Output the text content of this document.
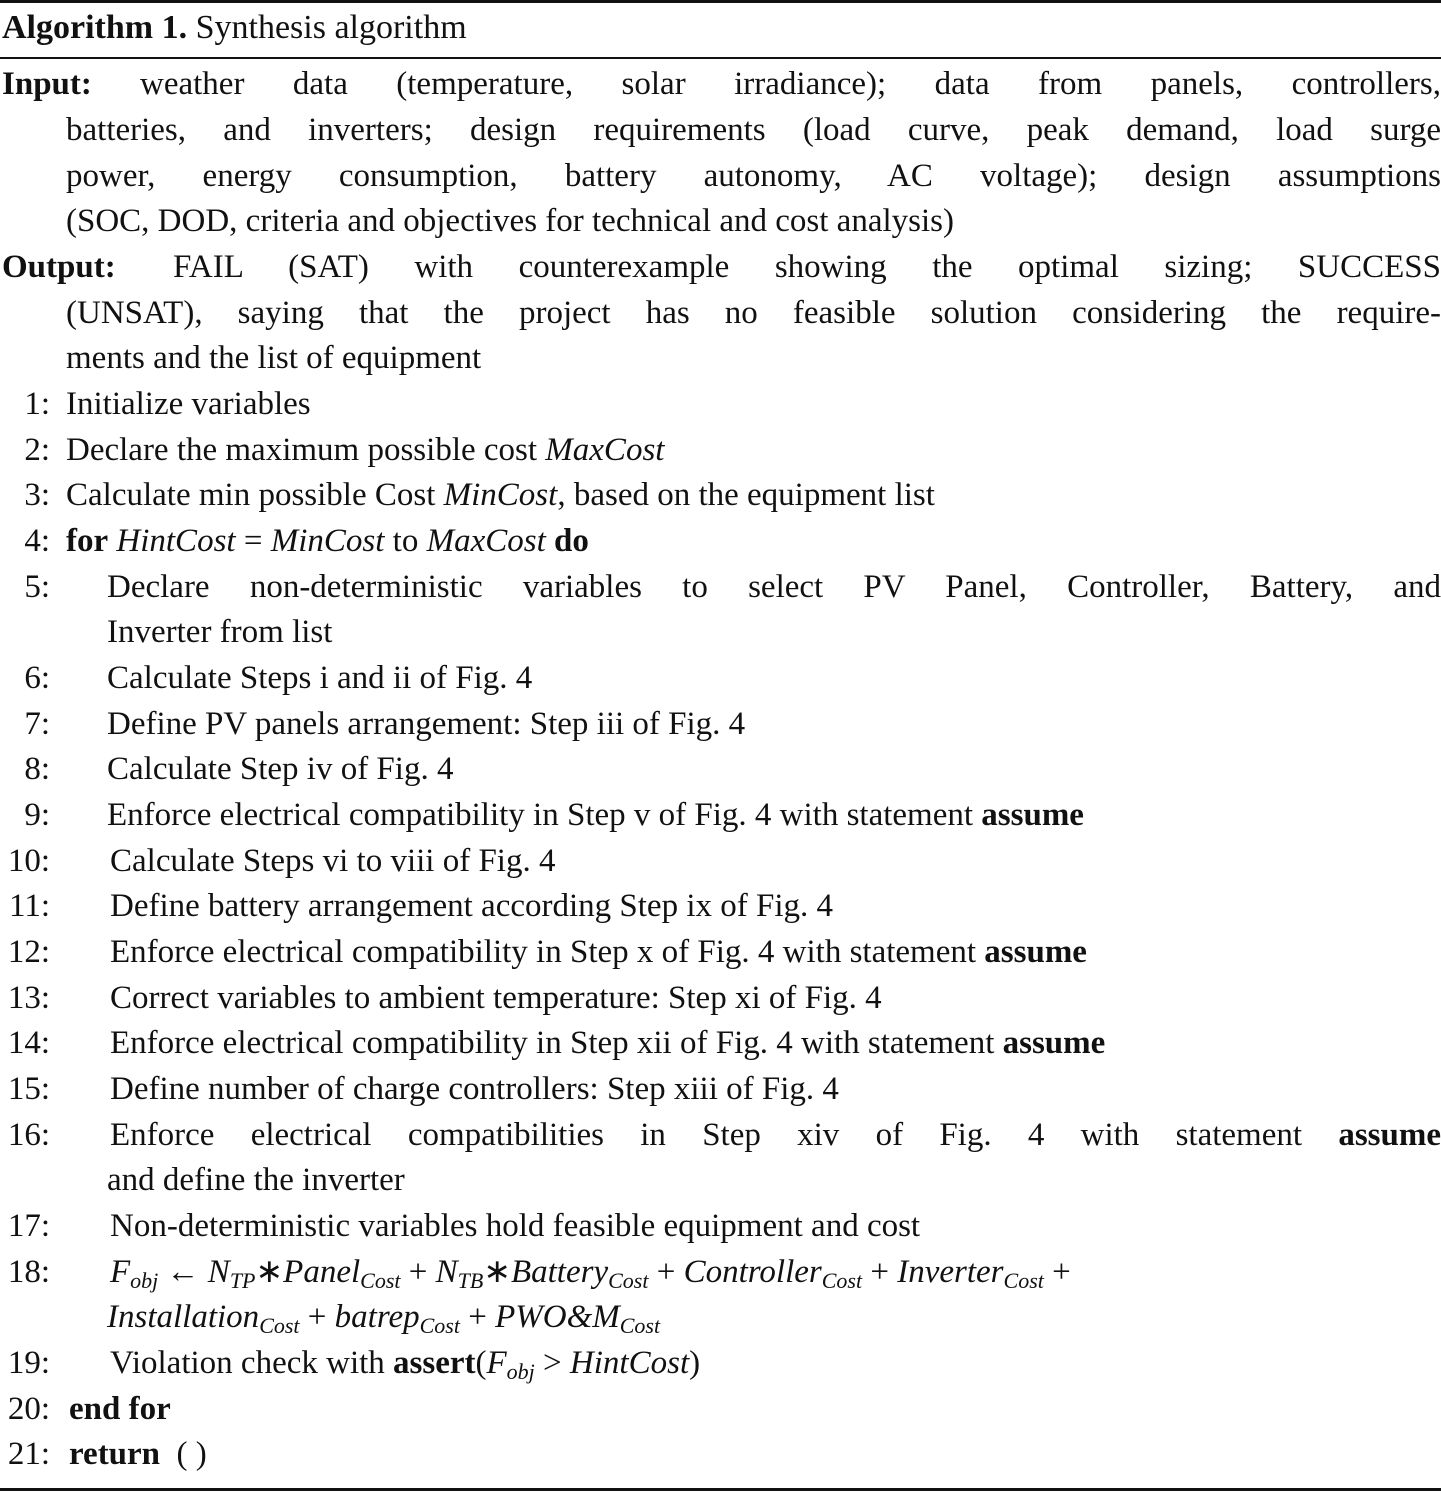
Algorithm 1. Synthesis algorithm
Input: weather data (temperature, solar irradiance); data from panels, controllers,
batteries, and inverters; design requirements (load curve, peak demand, load surge
power, energy consumption, battery autonomy, AC voltage); design assumptions
(SOC, DOD, criteria and objectives for technical and cost analysis)
Output: FAIL (SAT) with counterexample showing the optimal sizing; SUCCESS
(UNSAT), saying that the project has no feasible solution considering the require-
ments and the list of equipment
1: Initialize variables
2: Declare the maximum possible cost MaxCost
3: Calculate min possible Cost MinCost, based on the equipment list
4: for HintCost = MinCost to MaxCost do
5: Declare non-deterministic variables to select PV Panel, Controller, Battery, and
Inverter from list
6: Calculate Steps i and ii of Fig. 4
7: Define PV panels arrangement: Step iii of Fig. 4
8: Calculate Step iv of Fig. 4
9: Enforce electrical compatibility in Step v of Fig. 4 with statement assume
10: Calculate Steps vi to viii of Fig. 4
11: Define battery arrangement according Step ix of Fig. 4
12: Enforce electrical compatibility in Step x of Fig. 4 with statement assume
13: Correct variables to ambient temperature: Step xi of Fig. 4
14: Enforce electrical compatibility in Step xii of Fig. 4 with statement assume
15: Define number of charge controllers: Step xiii of Fig. 4
16: Enforce electrical compatibilities in Step xiv of Fig. 4 with statement assume
and define the inverter
17: Non-deterministic variables hold feasible equipment and cost
18: $F_{obj}$ ← $N_{TP}∗Panel_{Cost}$ + $N_{TB}∗Battery_{Cost}$ + Controller$_{Cost}$ + Inverter$_{Cost}$ +
Installation$_{Cost}$ + batrep$_{Cost}$ + $PWO\&M_{Cost}$
19: Violation check with $assert(F_{obj}$ > HintCost)
20: end for
21: return ( )
